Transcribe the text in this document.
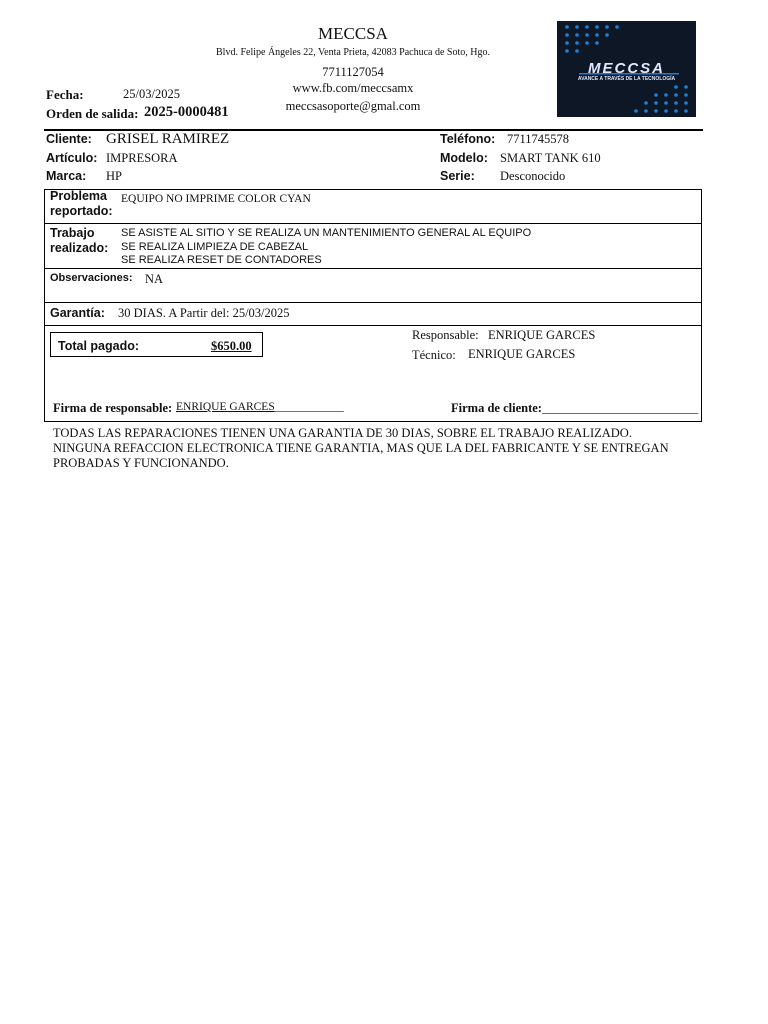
MECCSA
Blvd. Felipe Ángeles 22, Venta Prieta, 42083 Pachuca de Soto, Hgo.
7711127054
www.fb.com/meccsamx
meccsasoporte@gmal.com
Fecha:	25/03/2025
Orden de salida: 2025-0000481
MECCSA
AVANCE A TRAVÉS DE LA TECNOLOGÍA
Cliente: GRISEL RAMIREZ
Artículo: IMPRESORA
Marca: HP
Teléfono: 7711745578
Modelo: SMART TANK 610
Serie: Desconocido
Problema
reportado:
EQUIPO NO IMPRIME COLOR CYAN
Trabajo
realizado:
SE ASISTE AL SITIO Y SE REALIZA UN MANTENIMIENTO GENERAL AL EQUIPO
SE REALIZA LIMPIEZA DE CABEZAL
SE REALIZA RESET DE CONTADORES
Observaciones: NA
Garantía: 30 DIAS. A Partir del: 25/03/2025
Total pagado:	$650.00
Responsable: ENRIQUE GARCES
Técnico: ENRIQUE GARCES
Firma de responsable: ENRIQUE GARCES____________	Firma de cliente: _________________________
TODAS LAS REPARACIONES TIENEN UNA GARANTIA DE 30 DIAS, SOBRE EL TRABAJO REALIZADO.
NINGUNA REFACCION ELECTRONICA TIENE GARANTIA, MAS QUE LA DEL FABRICANTE Y SE ENTREGAN
PROBADAS Y FUNCIONANDO.
